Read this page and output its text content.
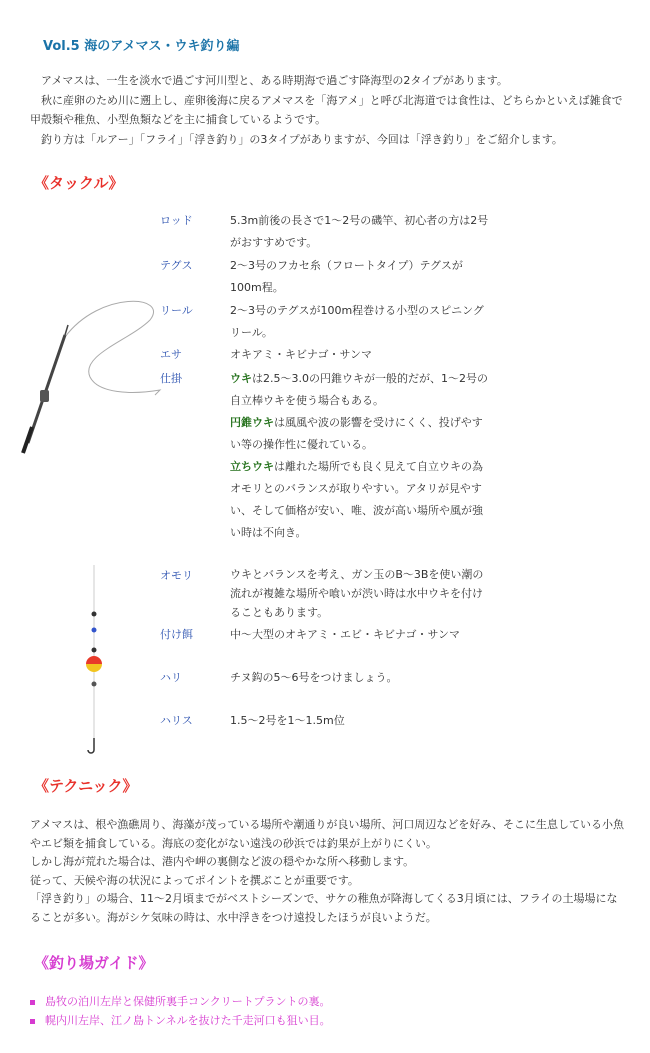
Vol.5 海のアメマス・ウキ釣り編

　アメマスは、一生を淡水で過ごす河川型と、ある時期海で過ごす降海型の2タイプがあります。

　秋に産卵のため川に遡上し、産卵後海に戻るアメマスを「海アメ」と呼び北海道では食性は、どちらかといえば雑食で

甲殻類や稚魚、小型魚類などを主に捕食しているようです。

　釣り方は「ルアー」「フライ」「浮き釣り」の3タイプがありますが、今回は「浮き釣り」をご紹介します。

《タックル》
ロッド	5.3m前後の長さで1～2号の磯竿、初心者の方は2号
がおすすめです。
テグス	2～3号のフカセ糸（フロートタイプ）テグスが
100m程。
リール	2～3号のテグスが100m程巻ける小型のスピニング
リール。
エサ	オキアミ・キビナゴ・サンマ
仕掛	ウキは2.5～3.0の円錐ウキが一般的だが、1～2号の
自立棒ウキを使う場合もある。
円錐ウキは風風や波の影響を受けにくく、投げやす
い等の操作性に優れている。
立ちウキは離れた場所でも良く見えて自立ウキの為
オモリとのバランスが取りやすい。アタリが見やす
い、そして価格が安い、唯、波が高い場所や風が強
い時は不向き。
オモリ	ウキとバランスを考え、ガン玉のB～3Bを使い潮の
流れが複雑な場所や喰いが渋い時は水中ウキを付け
ることもあります。
付け餌	中～大型のオキアミ・エビ・キビナゴ・サンマ
ハリ	チヌ鈎の5～6号をつけましょう。
ハリス	1.5～2号を1～1.5m位
《テクニック》

アメマスは、根や漁礁周り、海藻が茂っている場所や潮通りが良い場所、河口周辺などを好み、そこに生息している小魚

やエビ類を捕食している。海底の変化がない遠浅の砂浜では釣果が上がりにくい。

しかし海が荒れた場合は、港内や岬の裏側など波の穏やかな所へ移動します。

従って、天候や海の状況によってポイントを撰ぶことが重要です。

「浮き釣り」の場合、11～2月頃までがベストシーズンで、サケの稚魚が降海してくる3月頃には、フライの土場場にな

ることが多い。海がシケ気味の時は、水中浮きをつけ遠投したほうが良いようだ。

《釣り場ガイド》
島牧の泊川左岸と保健所裏手コンクリートプラントの裏。
幌内川左岸、江ノ島トンネルを抜けた千走河口も狙い目。
